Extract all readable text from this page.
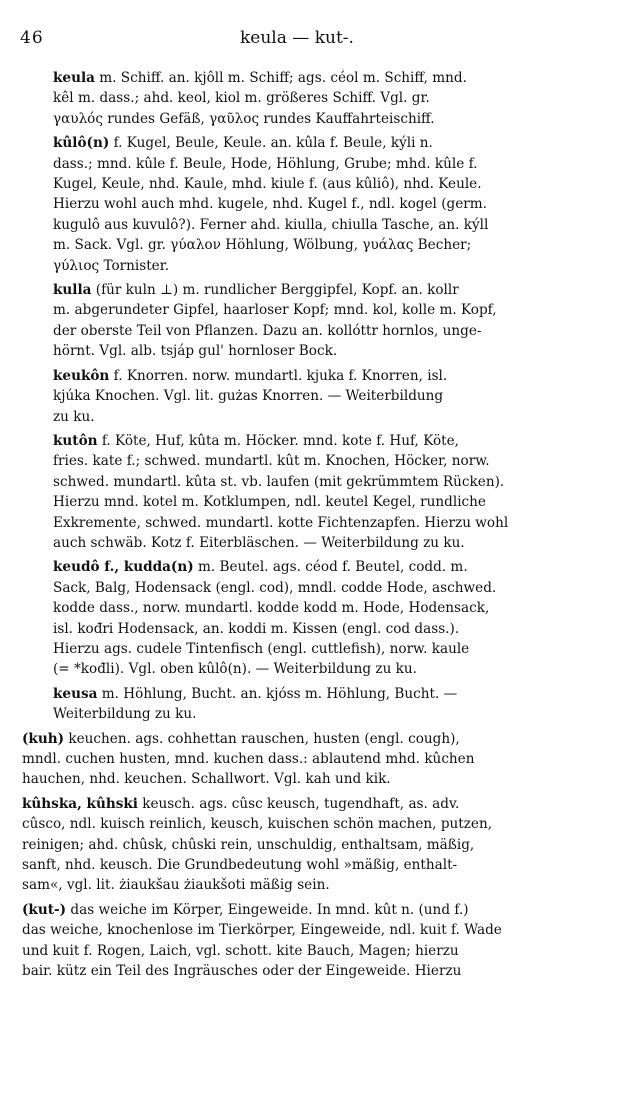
46	keula — kut-.
keula m. Schiff. an. kjôll m. Schiff; ags. céol m. Schiff, mnd.
kêl m. dass.; ahd. keol, kiol m. größeres Schiff. Vgl. gr.
γαυλός rundes Gefäß, γαῦλος rundes Kauffahrteischiff.
kûlô(n) f. Kugel, Beule, Keule. an. kûla f. Beule, kýli n.
dass.; mnd. kûle f. Beule, Hode, Höhlung, Grube; mhd. kûle f.
Kugel, Keule, nhd. Kaule, mhd. kiule f. (aus kûliô), nhd. Keule.
Hierzu wohl auch mhd. kugele, nhd. Kugel f., ndl. kogel (germ.
kugulô aus kuvulô?). Ferner ahd. kiulla, chiulla Tasche, an. kýll
m. Sack. Vgl. gr. γύαλον Höhlung, Wölbung, γυάλας Becher;
γύλιος Tornister.
kulla (für kuln ⊥) m. rundlicher Berggipfel, Kopf. an. kollr
m. abgerundeter Gipfel, haarloser Kopf; mnd. kol, kolle m. Kopf,
der oberste Teil von Pflanzen. Dazu an. kollóttr hornlos, unge-
hörnt. Vgl. alb. tsjáp gul' hornloser Bock.
keukôn f. Knorren. norw. mundartl. kjuka f. Knorren, isl.
kjúka Knochen. Vgl. lit. gużas Knorren. — Weiterbildung
zu ku.
kutôn f. Köte, Huf, kûta m. Höcker. mnd. kote f. Huf, Köte,
fries. kate f.; schwed. mundartl. kût m. Knochen, Höcker, norw.
schwed. mundartl. kûta st. vb. laufen (mit gekrümmtem Rücken).
Hierzu mnd. kotel m. Kotklumpen, ndl. keutel Kegel, rundliche
Exkremente, schwed. mundartl. kotte Fichtenzapfen. Hierzu wohl
auch schwäb. Kotz f. Eiterbläschen. — Weiterbildung zu ku.
keudô f., kudda(n) m. Beutel. ags. céod f. Beutel, codd. m.
Sack, Balg, Hodensack (engl. cod), mndl. codde Hode, aschwed.
kodde dass., norw. mundartl. kodde kodd m. Hode, Hodensack,
isl. kođri Hodensack, an. koddi m. Kissen (engl. cod dass.).
Hierzu ags. cudele Tintenfisch (engl. cuttlefish), norw. kaule
(= *kođli). Vgl. oben kûlô(n). — Weiterbildung zu ku.
keusa m. Höhlung, Bucht. an. kjóss m. Höhlung, Bucht. —
Weiterbildung zu ku.
(kuh) keuchen. ags. cohhettan rauschen, husten (engl. cough),
mndl. cuchen husten, mnd. kuchen dass.: ablautend mhd. kûchen
hauchen, nhd. keuchen. Schallwort. Vgl. kah und kik.
kûhska, kûhski keusch. ags. cûsc keusch, tugendhaft, as. adv.
cûsco, ndl. kuisch reinlich, keusch, kuischen schön machen, putzen,
reinigen; ahd. chûsk, chûski rein, unschuldig, enthaltsam, mäßig,
sanft, nhd. keusch. Die Grundbedeutung wohl »mäßig, enthalt-
sam«, vgl. lit. żiaukšau żiaukšoti mäßig sein.
(kut-) das weiche im Körper, Eingeweide. In mnd. kût n. (und f.)
das weiche, knochenlose im Tierkörper, Eingeweide, ndl. kuit f. Wade
und kuit f. Rogen, Laich, vgl. schott. kite Bauch, Magen; hierzu
bair. kütz ein Teil des Ingräusches oder der Eingeweide. Hierzu
